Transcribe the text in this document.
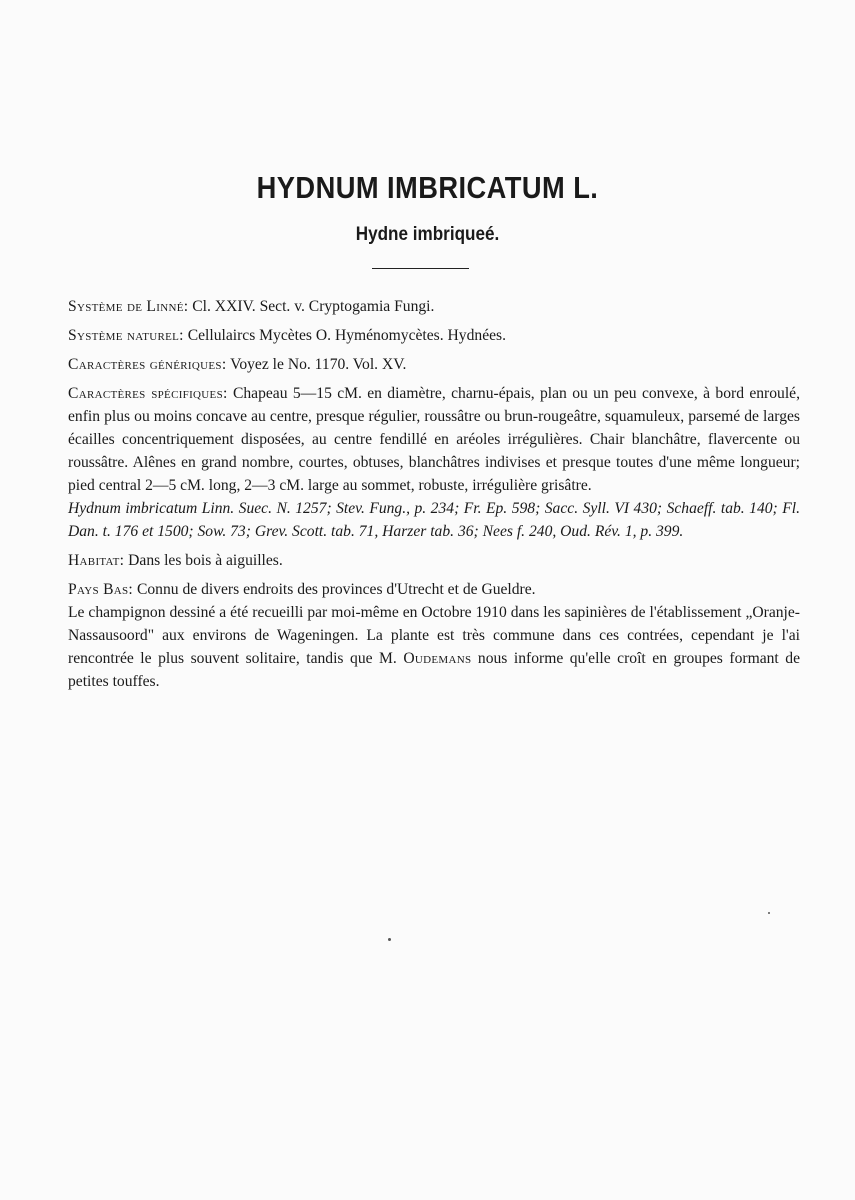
HYDNUM IMBRICATUM L.
Hydne imbriqueé.

Système de Linné: Cl. XXIV. Sect. v. Cryptogamia Fungi.

Système naturel: Cellulaircs Mycètes O. Hyménomycètes. Hydnées.

Caractères génériques: Voyez le No. 1170. Vol. XV.

Caractères spécifiques: Chapeau 5—15 cM. en diamètre, charnu-épais, plan ou un peu convexe, à bord enroulé, enfin plus ou moins concave au centre, presque régulier, roussâtre ou brun-rougeâtre, squamuleux, parsemé de larges écailles concentriquement disposées, au centre fendillé en aréoles irrégulières. Chair blanchâtre, flavercente ou roussâtre. Alênes en grand nombre, courtes, obtuses, blanchâtres indivises et presque toutes d'une même longueur; pied central 2—5 cM. long, 2—3 cM. large au sommet, robuste, irrégulière grisâtre.

Hydnum imbricatum Linn. Suec. N. 1257; Stev. Fung., p. 234; Fr. Ep. 598; Sacc. Syll. VI 430; Schaeff. tab. 140; Fl. Dan. t. 176 et 1500; Sow. 73; Grev. Scott. tab. 71, Harzer tab. 36; Nees f. 240, Oud. Rév. 1, p. 399.

Habitat: Dans les bois à aiguilles.

Pays Bas: Connu de divers endroits des provinces d'Utrecht et de Gueldre.

Le champignon dessiné a été recueilli par moi-même en Octobre 1910 dans les sapinières de l'établissement „Oranje-Nassausoord" aux environs de Wageningen. La plante est très commune dans ces contrées, cependant je l'ai rencontrée le plus souvent solitaire, tandis que M. Oudemans nous informe qu'elle croît en groupes formant de petites touffes.
